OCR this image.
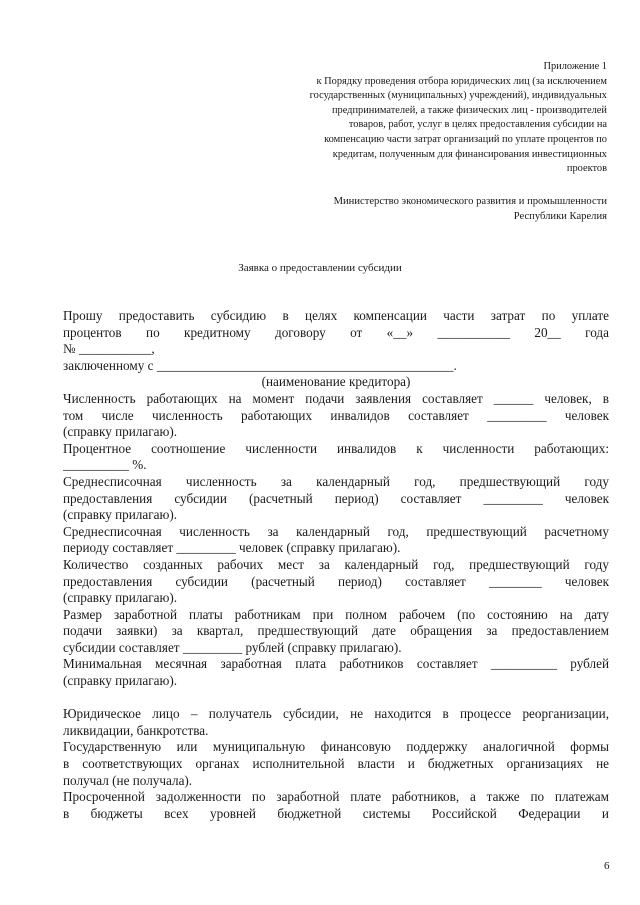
Приложение 1
к Порядку проведения отбора юридических лиц (за исключением
государственных (муниципальных) учреждений), индивидуальных
предпринимателей, а также физических лиц - производителей
товаров, работ, услуг в целях предоставления субсидии на
компенсацию части затрат организаций по уплате процентов по
кредитам, полученным для финансирования инвестиционных
проектов
Министерство экономического развития и промышленности
Республики Карелия
Заявка о предоставлении субсидии
Прошу предоставить субсидию в целях компенсации части затрат по уплате
процентов по кредитному договору от «__» ___________ 20__ года
№ ___________,
заключенному с _____________________________________________.
(наименование кредитора)
Численность работающих на момент подачи заявления составляет ______ человек, в
том числе численность работающих инвалидов составляет _________ человек
(справку прилагаю).
Процентное соотношение численности инвалидов к численности работающих:
__________ %.
Среднесписочная численность за календарный год, предшествующий году
предоставления субсидии (расчетный период) составляет _________ человек
(справку прилагаю).
Среднесписочная численность за календарный год, предшествующий расчетному
периоду составляет _________ человек (справку прилагаю).
Количество созданных рабочих мест за календарный год, предшествующий году
предоставления субсидии (расчетный период) составляет ________ человек
(справку прилагаю).
Размер заработной платы работникам при полном рабочем (по состоянию на дату
подачи заявки) за квартал, предшествующий дате обращения за предоставлением
субсидии составляет _________ рублей (справку прилагаю).
Минимальная месячная заработная плата работников составляет __________ рублей
(справку прилагаю).
Юридическое лицо – получатель субсидии, не находится в процессе реорганизации,
ликвидации, банкротства.
Государственную или муниципальную финансовую поддержку аналогичной формы
в соответствующих органах исполнительной власти и бюджетных организациях не
получал (не получала).
Просроченной задолженности по заработной плате работников, а также по платежам
в бюджеты всех уровней бюджетной системы Российской Федерации и
6
